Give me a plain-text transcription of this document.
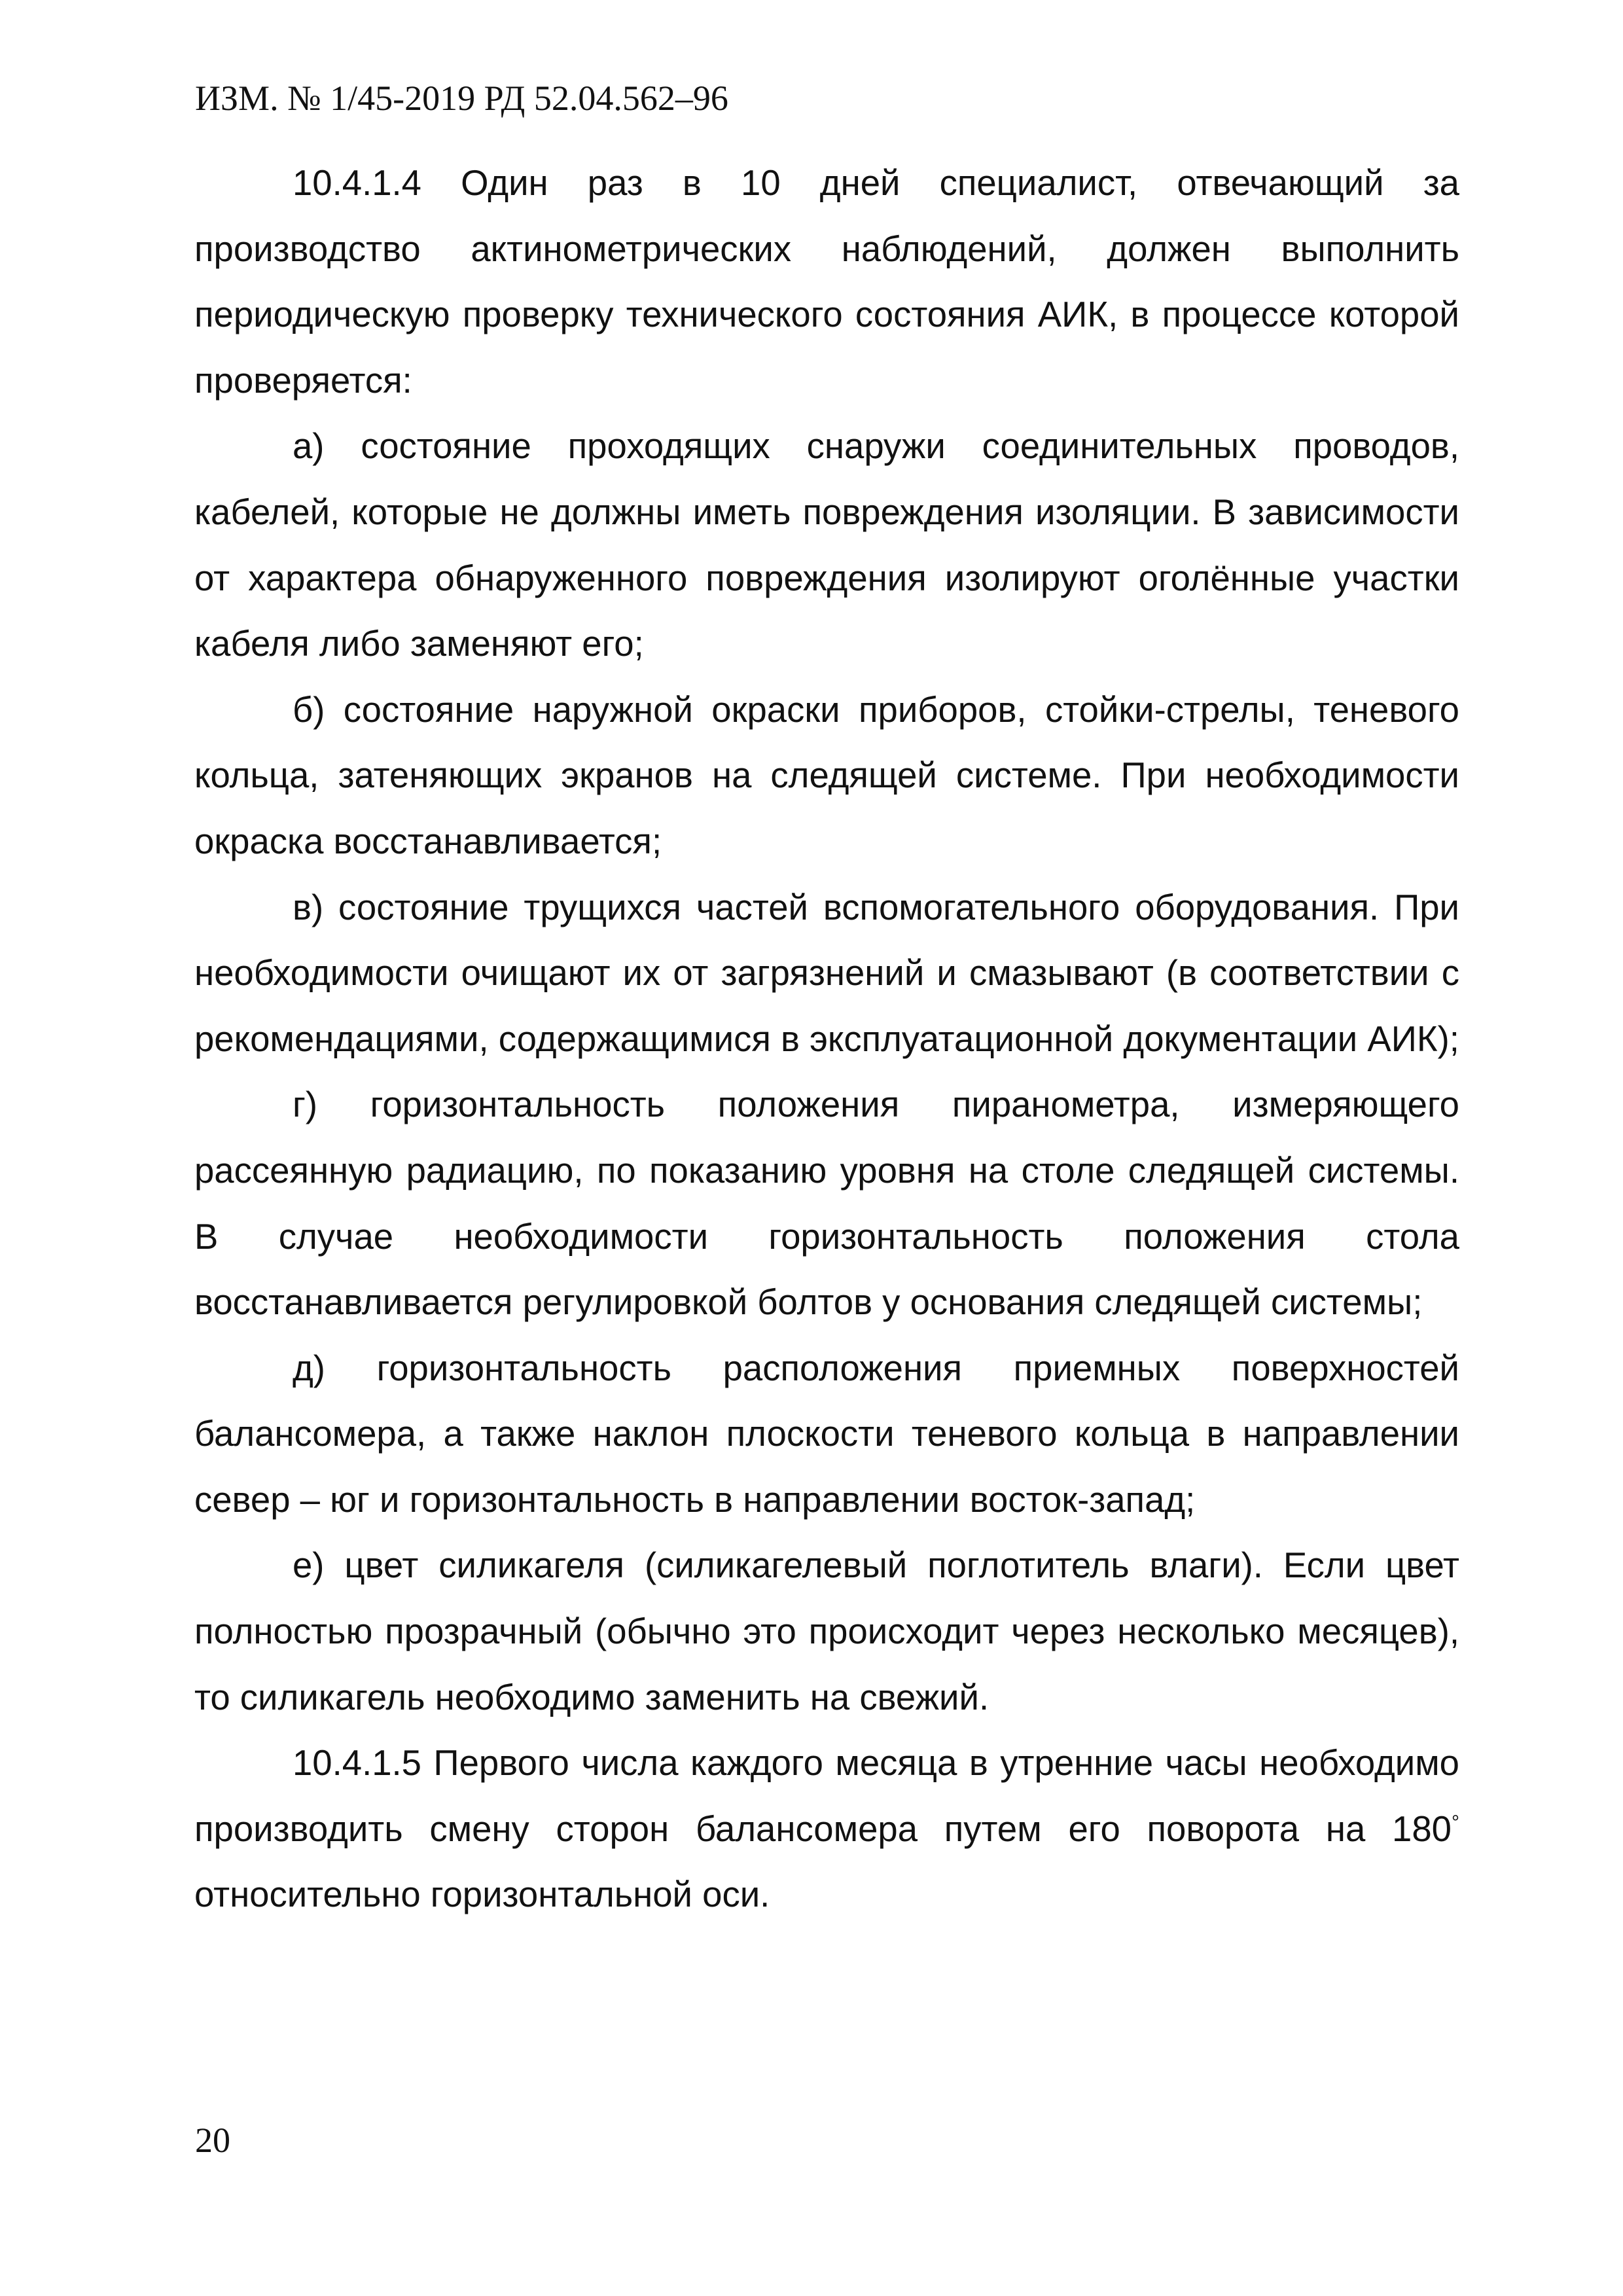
ИЗМ. № 1/45-2019 РД 52.04.562–96

10.4.1.4 Один раз в 10 дней специалист, отвечающий за производство актинометрических наблюдений, должен выполнить периодическую проверку технического состояния АИК, в процессе которой проверяется:

а) состояние проходящих снаружи соединительных проводов, кабелей, которые не должны иметь повреждения изоляции. В зависимости от характера обнаруженного повреждения изолируют оголённые участки кабеля либо заменяют его;

б) состояние наружной окраски приборов, стойки-стрелы, теневого кольца, затеняющих экранов на следящей системе. При необходимости окраска восстанавливается;

в) состояние трущихся частей вспомогательного оборудования. При необходимости очищают их от загрязнений и смазывают (в соответствии с рекомендациями, содержащимися в эксплуатационной документации АИК);

г) горизонтальность положения пиранометра, измеряющего рассеянную радиацию, по показанию уровня на столе следящей системы. В случае необходимости горизонтальность положения стола восстанавливается регулировкой болтов у основания следящей системы;

д) горизонтальность расположения приемных поверхностей балансомера, а также наклон плоскости теневого кольца в направлении север – юг и горизонтальность в направлении восток-запад;

е) цвет силикагеля (силикагелевый поглотитель влаги). Если цвет полностью прозрачный (обычно это происходит через несколько месяцев), то силикагель необходимо заменить на свежий.

10.4.1.5 Первого числа каждого месяца в утренние часы необходимо производить смену сторон балансомера путем его поворота на 180° относительно горизонтальной оси.

20
